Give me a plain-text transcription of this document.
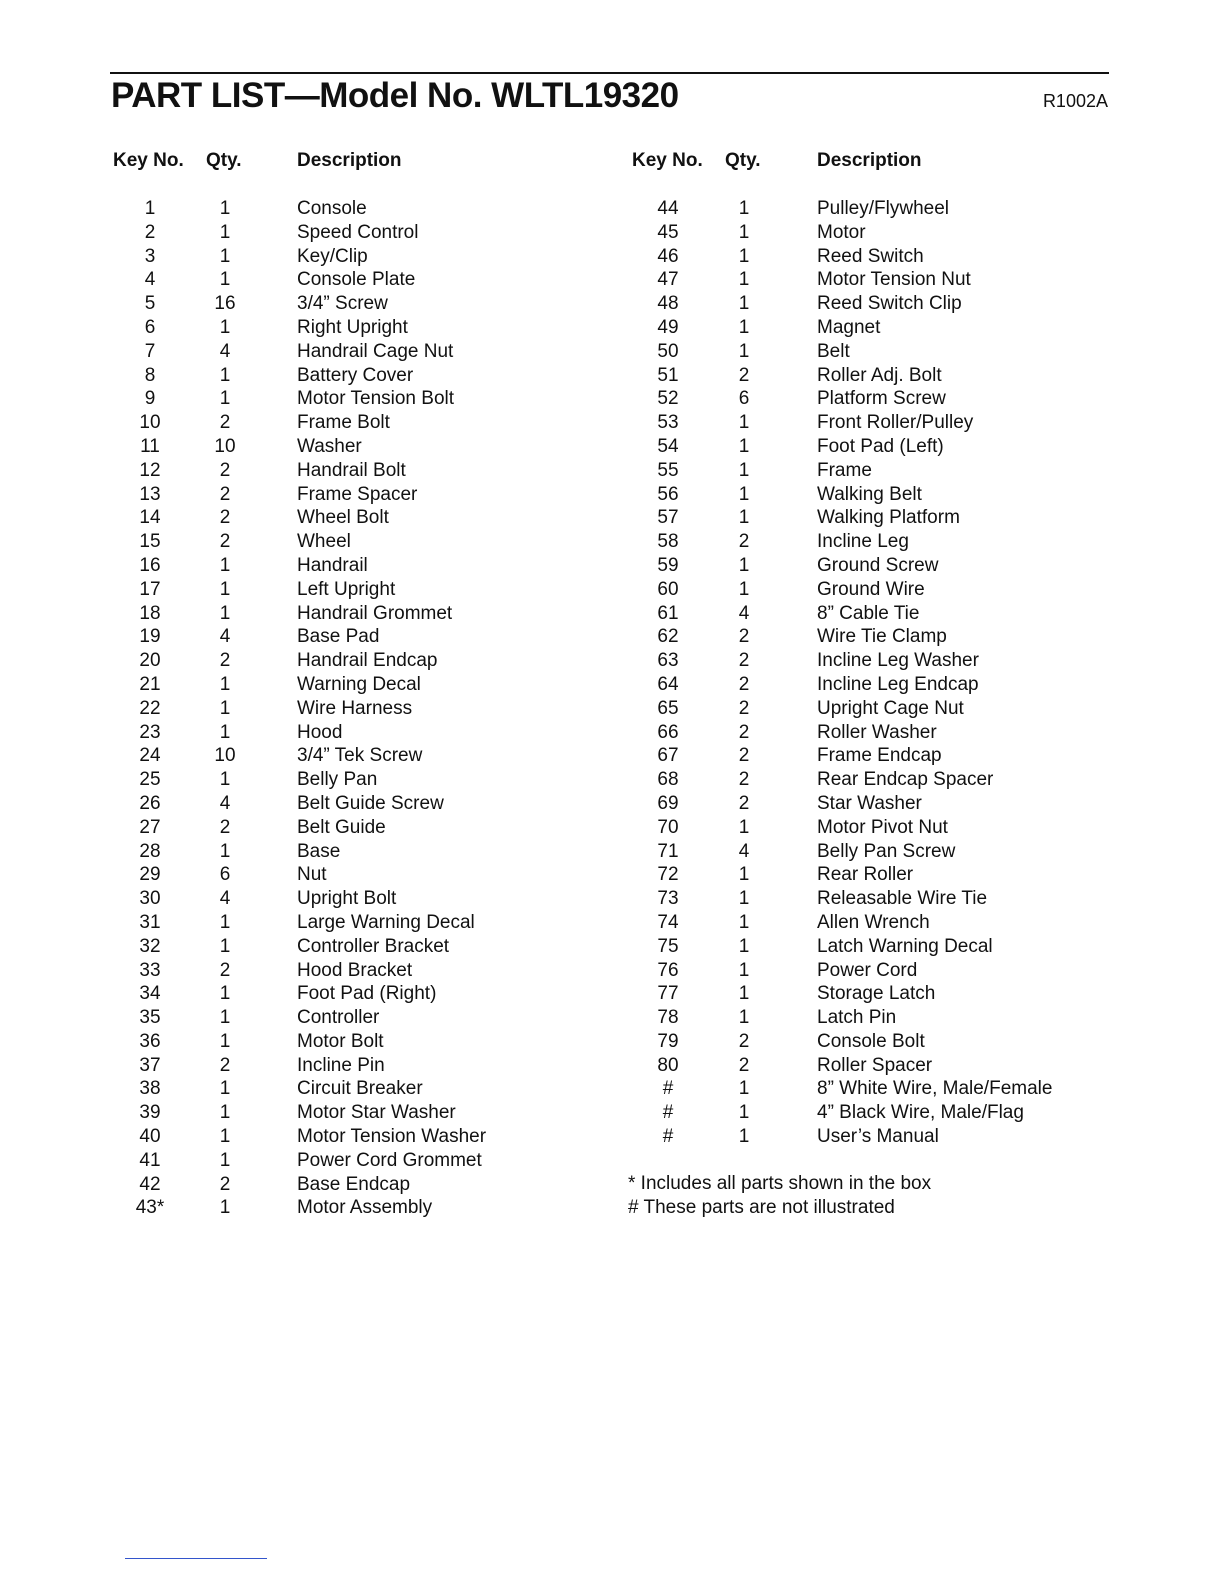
PART LIST—Model No. WLTL19320	R1002A
Key No. Qty.	Description	Key No. Qty.	Description
1	1	Console
2	1	Speed Control
3	1	Key/Clip
4	1	Console Plate
5	16	3/4” Screw
6	1	Right Upright
7	4	Handrail Cage Nut
8	1	Battery Cover
9	1	Motor Tension Bolt
10	2	Frame Bolt
11	10	Washer
12	2	Handrail Bolt
13	2	Frame Spacer
14	2	Wheel Bolt
15	2	Wheel
16	1	Handrail
17	1	Left Upright
18	1	Handrail Grommet
19	4	Base Pad
20	2	Handrail Endcap
21	1	Warning Decal
22	1	Wire Harness
23	1	Hood
24	10	3/4” Tek Screw
25	1	Belly Pan
26	4	Belt Guide Screw
27	2	Belt Guide
28	1	Base
29	6	Nut
30	4	Upright Bolt
31	1	Large Warning Decal
32	1	Controller Bracket
33	2	Hood Bracket
34	1	Foot Pad (Right)
35	1	Controller
36	1	Motor Bolt
37	2	Incline Pin
38	1	Circuit Breaker
39	1	Motor Star Washer
40	1	Motor Tension Washer
41	1	Power Cord Grommet
42	2	Base Endcap
43*	1	Motor Assembly
44	1	Pulley/Flywheel
45	1	Motor
46	1	Reed Switch
47	1	Motor Tension Nut
48	1	Reed Switch Clip
49	1	Magnet
50	1	Belt
51	2	Roller Adj. Bolt
52	6	Platform Screw
53	1	Front Roller/Pulley
54	1	Foot Pad (Left)
55	1	Frame
56	1	Walking Belt
57	1	Walking Platform
58	2	Incline Leg
59	1	Ground Screw
60	1	Ground Wire
61	4	8” Cable Tie
62	2	Wire Tie Clamp
63	2	Incline Leg Washer
64	2	Incline Leg Endcap
65	2	Upright Cage Nut
66	2	Roller Washer
67	2	Frame Endcap
68	2	Rear Endcap Spacer
69	2	Star Washer
70	1	Motor Pivot Nut
71	4	Belly Pan Screw
72	1	Rear Roller
73	1	Releasable Wire Tie
74	1	Allen Wrench
75	1	Latch Warning Decal
76	1	Power Cord
77	1	Storage Latch
78	1	Latch Pin
79	2	Console Bolt
80	2	Roller Spacer
#	1	8” White Wire, Male/Female
#	1	4” Black Wire, Male/Flag
#	1	User’s Manual
* Includes all parts shown in the box
# These parts are not illustrated
